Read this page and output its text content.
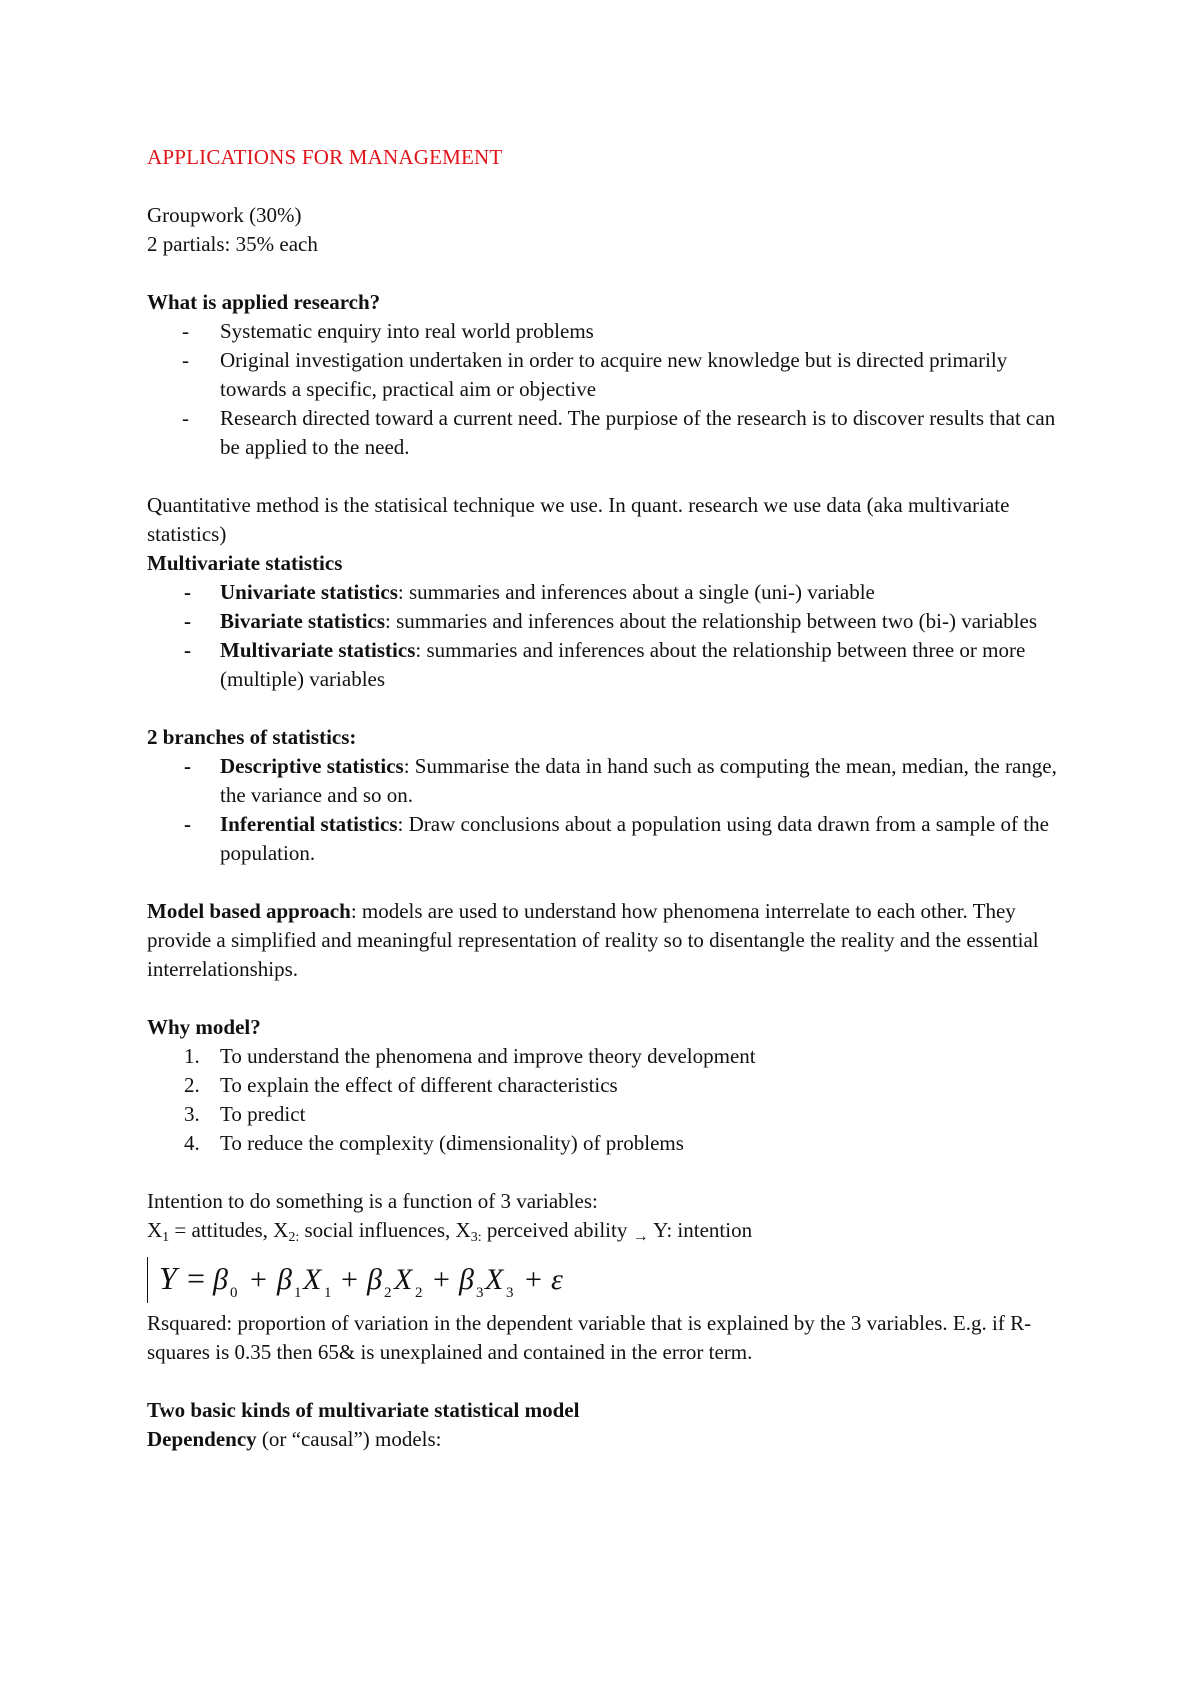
APPLICATIONS FOR MANAGEMENT

Groupwork (30%)

2 partials: 35% each

What is applied research?

- Systematic enquiry into real world problems
- Original investigation undertaken in order to acquire new knowledge but is directed primarily towards a specific, practical aim or objective
- Research directed toward a current need. The purpiose of the research is to discover results that can be applied to the need.

Quantitative method is the statisical technique we use. In quant. research we use data (aka multivariate statistics)

Multivariate statistics

- Univariate statistics: summaries and inferences about a single (uni-) variable
- Bivariate statistics: summaries and inferences about the relationship between two (bi-) variables
- Multivariate statistics: summaries and inferences about the relationship between three or more (multiple) variables

2 branches of statistics:

- Descriptive statistics: Summarise the data in hand such as computing the mean, median, the range, the variance and so on.
- Inferential statistics: Draw conclusions about a population using data drawn from a sample of the population.

Model based approach: models are used to understand how phenomena interrelate to each other. They provide a simplified and meaningful representation of reality so to disentangle the reality and the essential interrelationships.

Why model?

1. To understand the phenomena and improve theory development
2. To explain the effect of different characteristics
3. To predict
4. To reduce the complexity (dimensionality) of problems

Intention to do something is a function of 3 variables:

$X_1$ = attitudes, $X_{2:}$ social influences, $X_{3:}$ perceived ability → Y: intention

Y = β 0 + β 1 X 1 + β 2 X 2 + β 3 X 3 + ε

Rsquared: proportion of variation in the dependent variable that is explained by the 3 variables. E.g. if R-squares is 0.35 then 65& is unexplained and contained in the error term.

Two basic kinds of multivariate statistical model

Dependency (or “causal”) models:
